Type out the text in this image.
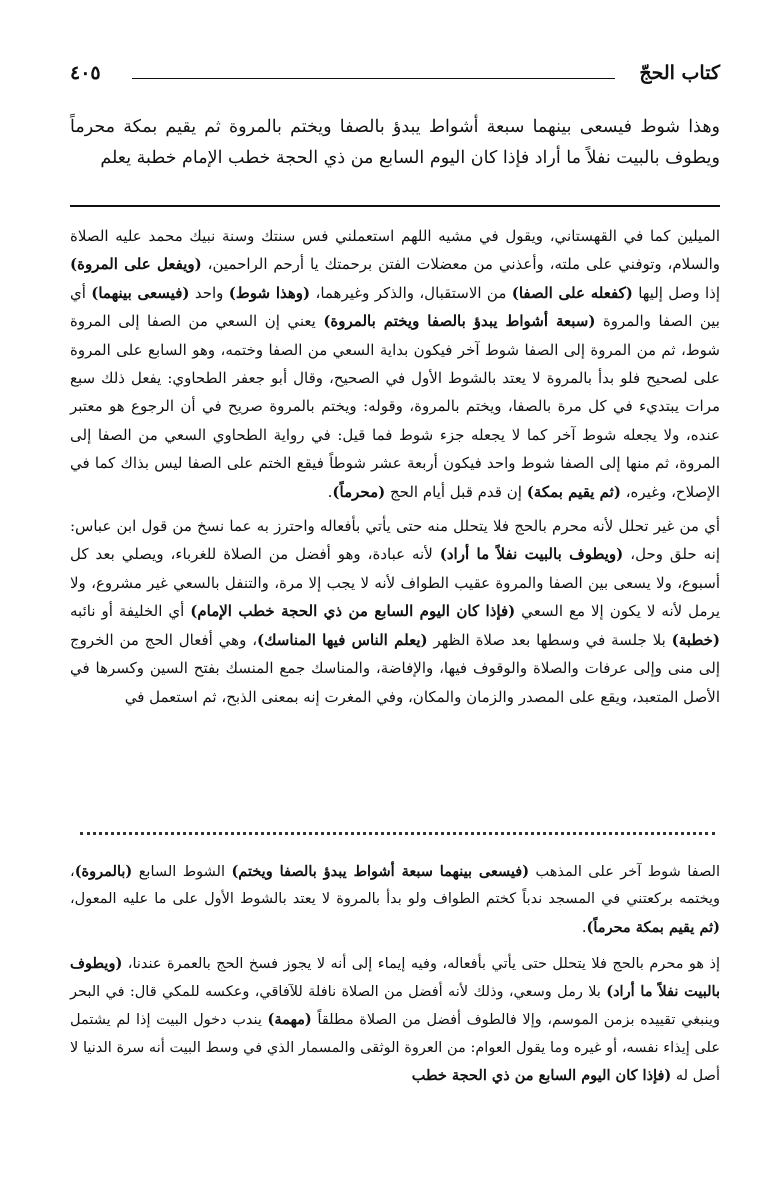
كتاب الحجّ
٤٠٥

وهذا شوط فيسعى بينهما سبعة أشواط يبدؤ بالصفا ويختم بالمروة ثم يقيم بمكة محرماً ويطوف بالبيت نفلاً ما أراد فإذا كان اليوم السابع من ذي الحجة خطب الإمام خطبة يعلم

الميلين كما في القهستاني، ويقول في مشيه اللهم استعملني فس سنتك وسنة نبيك محمد عليه الصلاة والسلام، وتوفني على ملته، وأعذني من معضلات الفتن برحمتك يا أرحم الراحمين، (ويفعل على المروة) إذا وصل إليها (كفعله على الصفا) من الاستقبال، والذكر وغيرهما، (وهذا شوط) واحد (فيسعى بينهما) أي بين الصفا والمروة (سبعة أشواط يبدؤ بالصفا ويختم بالمروة) يعني إن السعي من الصفا إلى المروة شوط، ثم من المروة إلى الصفا شوط آخر فيكون بداية السعي من الصفا وختمه، وهو السابع على المروة على لصحيح فلو بدأ بالمروة لا يعتد بالشوط الأول في الصحيح، وقال أبو جعفر الطحاوي: يفعل ذلك سبع مرات يبتديء في كل مرة بالصفا، ويختم بالمروة، وقوله: ويختم بالمروة صريح في أن الرجوع هو معتبر عنده، ولا يجعله شوط آخر كما لا يجعله جزء شوط فما قيل: في رواية الطحاوي السعي من الصفا إلى المروة، ثم منها إلى الصفا شوط واحد فيكون أربعة عشر شوطاً فيقع الختم على الصفا ليس بذاك كما في الإصلاح، وغيره، (ثم يقيم بمكة) إن قدم قبل أيام الحج (محرماً).

أي من غير تحلل لأنه محرم بالحج فلا يتحلل منه حتى يأتي بأفعاله واحترز به عما نسخ من قول ابن عباس: إنه حلق وحل، (ويطوف بالبيت نفلاً ما أراد) لأنه عبادة، وهو أفضل من الصلاة للغرباء، ويصلي بعد كل أسبوع، ولا يسعى بين الصفا والمروة عقيب الطواف لأنه لا يجب إلا مرة، والتنفل بالسعي غير مشروع، ولا يرمل لأنه لا يكون إلا مع السعي (فإذا كان اليوم السابع من ذي الحجة خطب الإمام) أي الخليفة أو نائبه (خطبة) بلا جلسة في وسطها بعد صلاة الظهر (يعلم الناس فيها المناسك)، وهي أفعال الحج من الخروج إلى منى وإلى عرفات والصلاة والوقوف فيها، والإفاضة، والمناسك جمع المنسك بفتح السين وكسرها في الأصل المتعبد، ويقع على المصدر والزمان والمكان، وفي المغرت إنه بمعنى الذبح، ثم استعمل في

الصفا شوط آخر على المذهب (فيسعى بينهما سبعة أشواط يبدؤ بالصفا ويختم) الشوط السابع (بالمروة)، ويختمه بركعتني في المسجد ندباً كختم الطواف ولو بدأ بالمروة لا يعتد بالشوط الأول على ما عليه المعول، (ثم يقيم بمكة محرماً).

إذ هو محرم بالحج فلا يتحلل حتى يأتي بأفعاله، وفيه إيماء إلى أنه لا يجوز فسخ الحج بالعمرة عندنا، (ويطوف بالبيت نفلاً ما أراد) بلا رمل وسعي، وذلك لأنه أفضل من الصلاة نافلة للآفاقي، وعكسه للمكي قال: في البحر وينبغي تقييده بزمن الموسم، وإلا فالطوف أفضل من الصلاة مطلقاً (مهمة) يندب دخول البيت إذا لم يشتمل على إيذاء نفسه، أو غيره وما يقول العوام: من العروة الوثقى والمسمار الذي في وسط البيت أنه سرة الدنيا لا أصل له (فإذا كان اليوم السابع من ذي الحجة خطب
